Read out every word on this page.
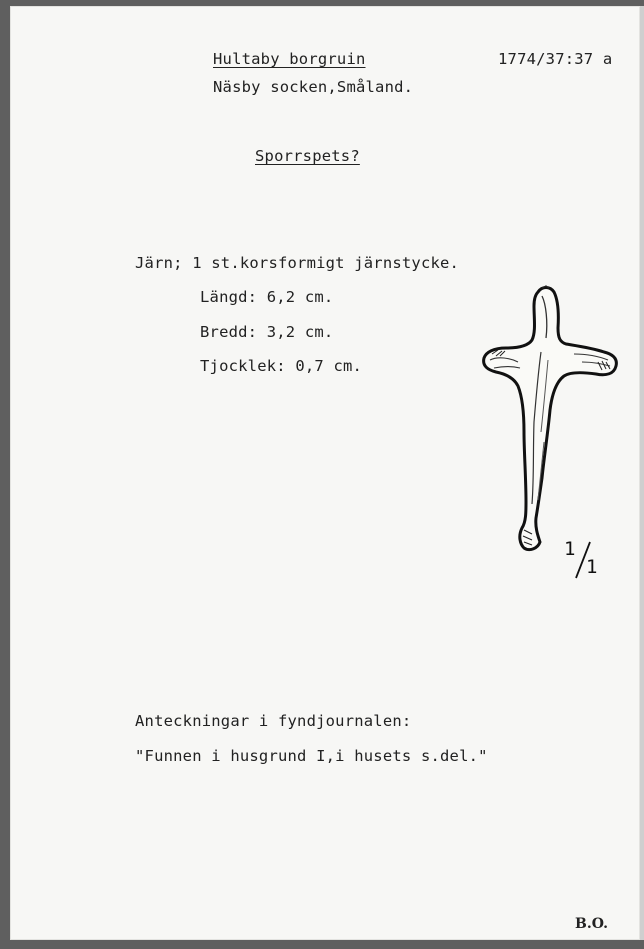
Hultaby borgruin	1774/37:37 a

Näsby socken,Småland.

Sporrspets?

Järn; 1 st.korsformigt järnstycke.

Längd: 6,2 cm.

Bredd: 3,2 cm.

Tjocklek: 0,7 cm.

1
1

Anteckningar i fyndjournalen:

"Funnen i husgrund I,i husets s.del."

B.O.
